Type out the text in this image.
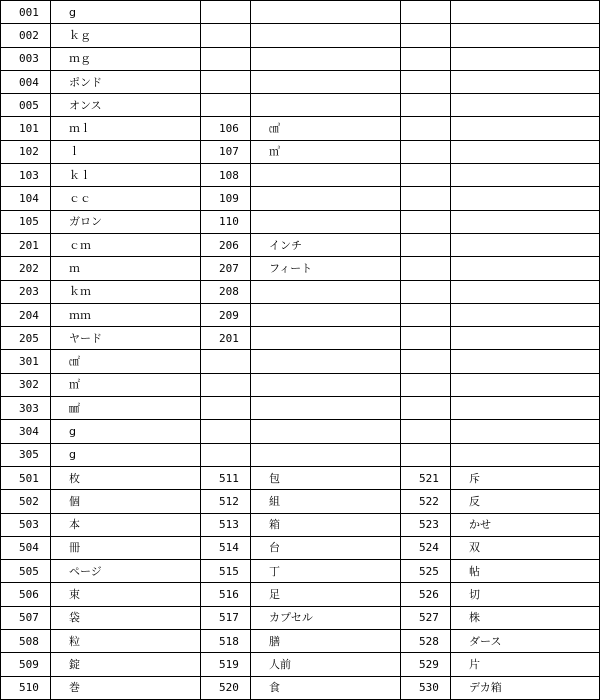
001	g				
002	ｋｇ				
003	ｍｇ				
004	ポンド				
005	オンス				
101	ｍｌ	106	㎤		
102	ｌ	107	㎥		
103	ｋｌ	108			
104	ｃｃ	109			
105	ガロン	110			
201	ｃｍ	206	インチ		
202	ｍ	207	フィート		
203	ｋｍ	208			
204	ｍｍ	209			
205	ヤード	201			
301	㎠				
302	㎡				
303	㎟				
304	g				
305	g				
501	枚	511	包	521	斥
502	個	512	組	522	反
503	本	513	箱	523	かせ
504	冊	514	台	524	双
505	ページ	515	丁	525	帖
506	束	516	足	526	切
507	袋	517	カプセル	527	株
508	粒	518	膳	528	ダース
509	錠	519	人前	529	片
510	巻	520	食	530	デカ箱
